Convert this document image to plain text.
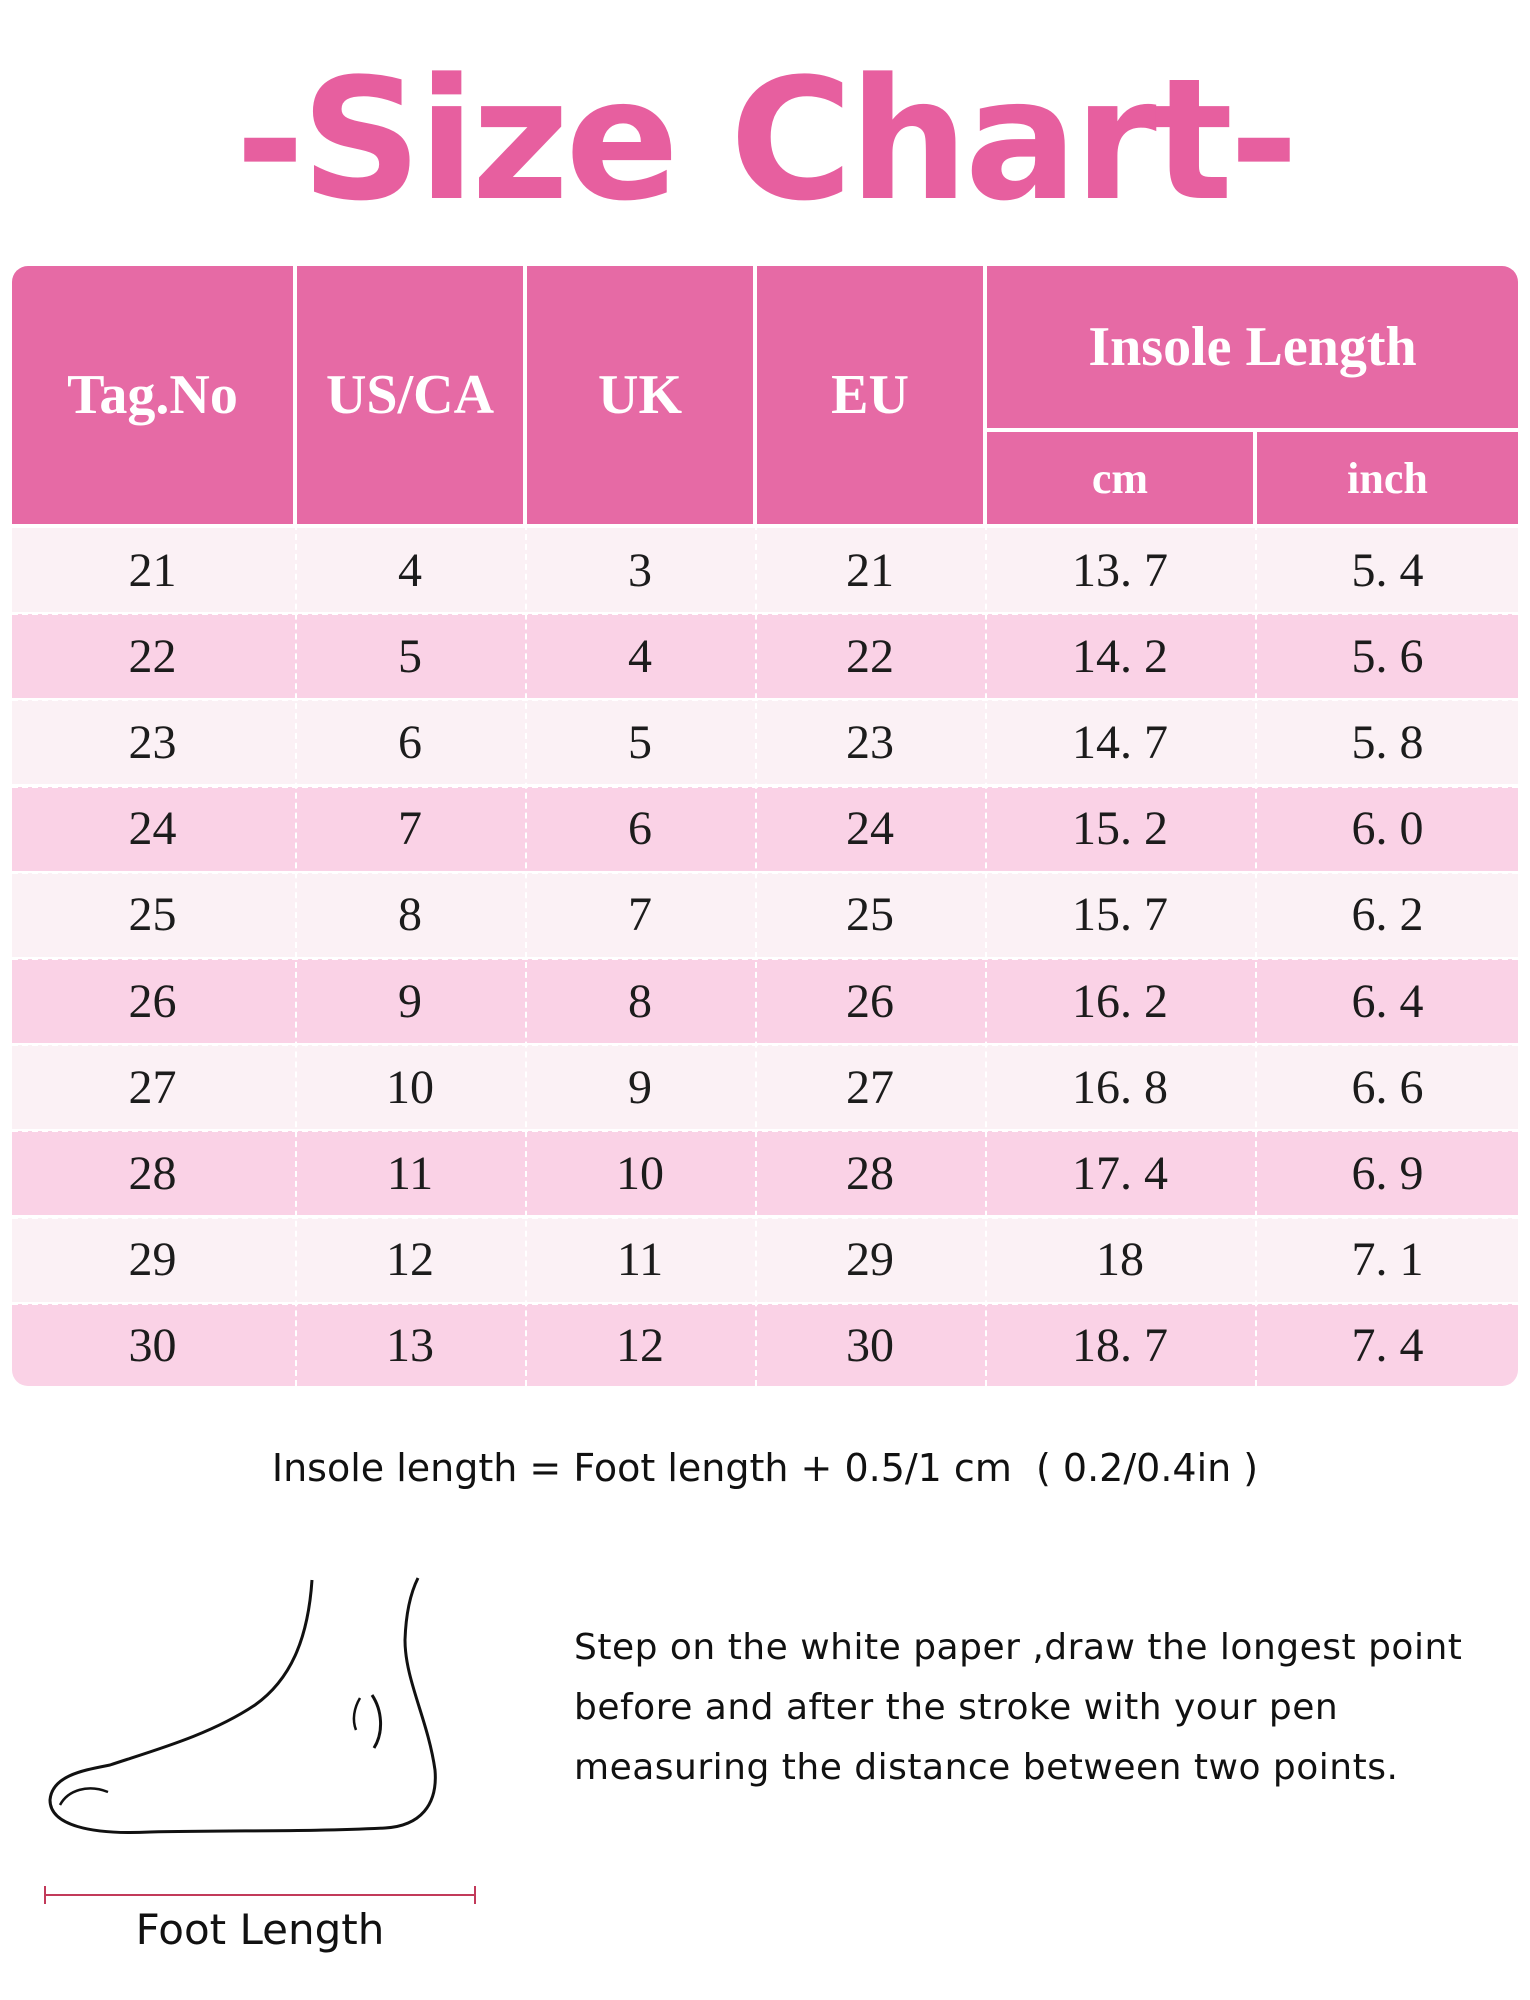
-Size Chart-
Tag.No	US/CA	UK	EU
Insole Length
cm	inch
21	4	3	21	13. 7	5. 4
22	5	4	22	14. 2	5. 6
23	6	5	23	14. 7	5. 8
24	7	6	24	15. 2	6. 0
25	8	7	25	15. 7	6. 2
26	9	8	26	16. 2	6. 4
27	10	9	27	16. 8	6. 6
28	11	10	28	17. 4	6. 9
29	12	11	29	18	7. 1
30	13	12	30	18. 7	7. 4
Insole length = Foot length + 0.5/1 cm  ( 0.2/0.4in )
Foot Length
Step on the white paper ,draw the longest point before and after the stroke with your pen measuring the distance between two points.
